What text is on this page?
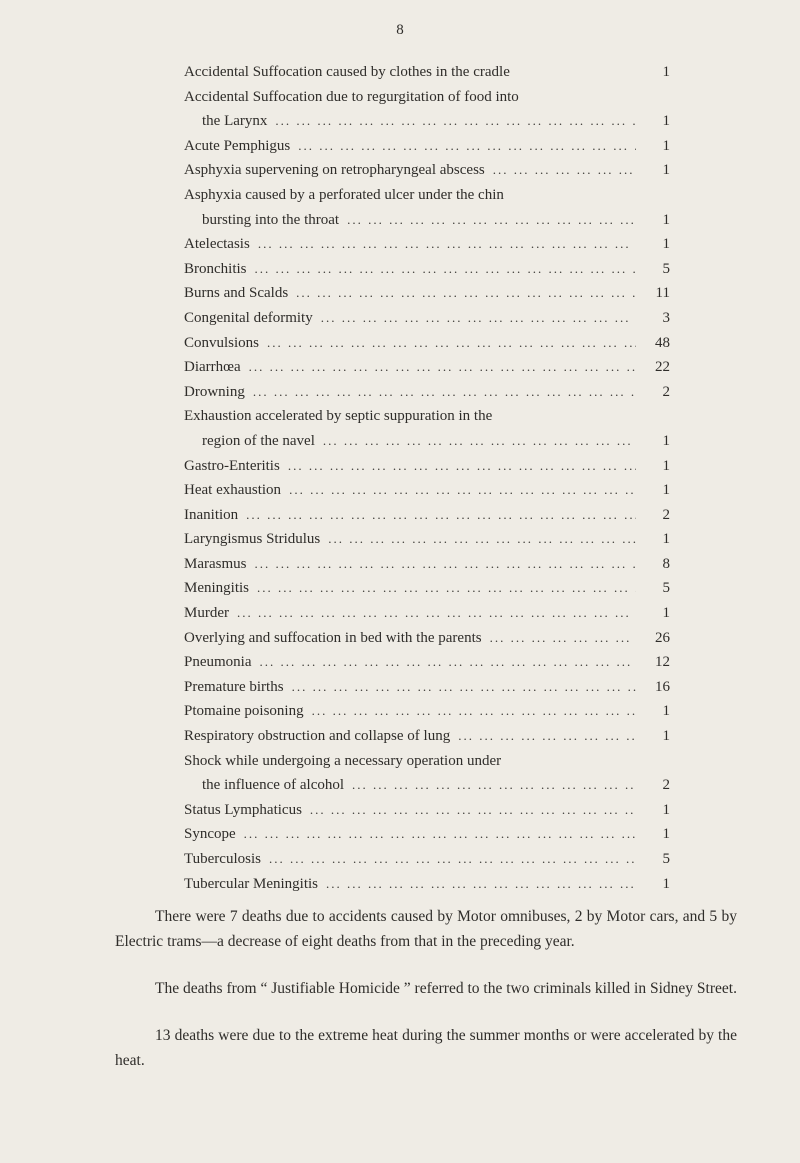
8
Accidental Suffocation caused by clothes in the cradle	1
Accidental Suffocation due to regurgitation of food into
the Larynx ... .	1
Acute Pemphigus ... .	1
Asphyxia supervening on retropharyngeal abscess ... .	1
Asphyxia caused by a perforated ulcer under the chin
bursting into the throat ... .	1
Atelectasis ... .	1
Bronchitis ... .	5
Burns and Scalds ... .	11
Congenital deformity ... .	3
Convulsions ... .	48
Diarrhœa ... .	22
Drowning ... .	2
Exhaustion accelerated by septic suppuration in the
region of the navel ... .	1
Gastro-Enteritis ... .	1
Heat exhaustion ... .	1
Inanition ... .	2
Laryngismus Stridulus ... .	1
Marasmus ... .	8
Meningitis ... .	5
Murder ... .	1
Overlying and suffocation in bed with the parents ... .	26
Pneumonia ... .	12
Premature births ... .	16
Ptomaine poisoning ... .	1
Respiratory obstruction and collapse of lung ... .	1
Shock while undergoing a necessary operation under
the influence of alcohol ... .	2
Status Lymphaticus ... .	1
Syncope ... .	1
Tuberculosis ... .	5
Tubercular Meningitis ... .	1

There were 7 deaths due to accidents caused by Motor omnibuses, 2 by Motor cars, and 5 by Electric trams—a decrease of eight deaths from that in the preceding year.

The deaths from “ Justifiable Homicide ” referred to the two criminals killed in Sidney Street.

13 deaths were due to the extreme heat during the summer months or were accelerated by the heat.
